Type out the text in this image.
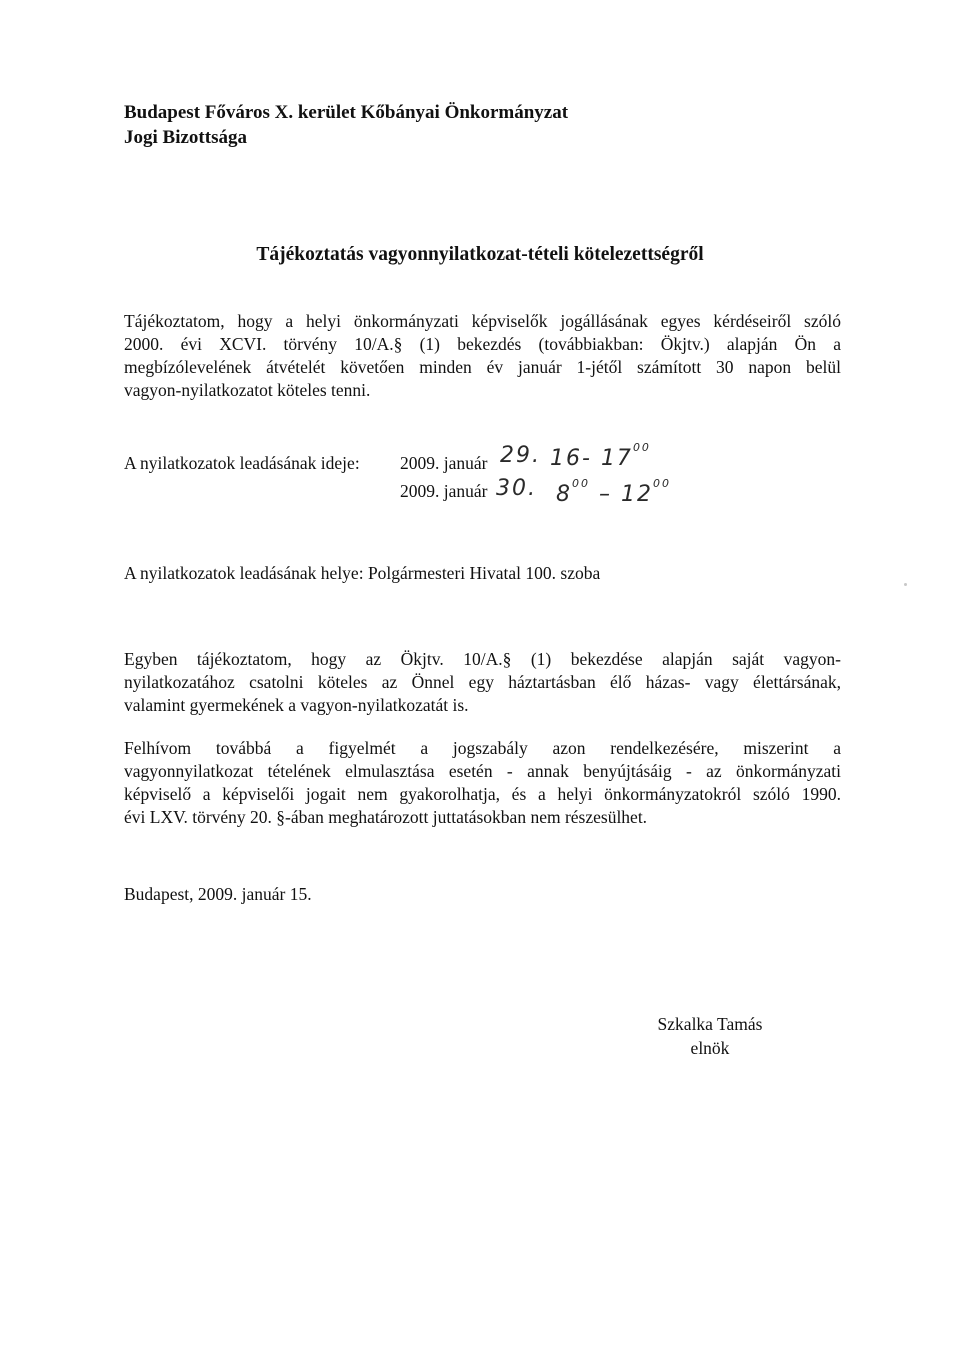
Budapest Főváros X. kerület Kőbányai Önkormányzat
Jogi Bizottsága
Tájékoztatás vagyonnyilatkozat-tételi kötelezettségről
Tájékoztatom, hogy a helyi önkormányzati képviselők jogállásának egyes kérdéseiről szóló
2000. évi XCVI. törvény 10/A.§ (1) bekezdés (továbbiakban: Ökjtv.) alapján Ön a
megbízólevelének átvételét követően minden év január 1-jétől számított 30 napon belül
vagyon-nyilatkozatot köteles tenni.
A nyilatkozatok leadásának ideje: 2009. január
2009. január
29. 16- $17^{00}$
30. $8^{00} - 12^{00}$
A nyilatkozatok leadásának helye: Polgármesteri Hivatal 100. szoba
Egyben tájékoztatom, hogy az Ökjtv. 10/A.§ (1) bekezdése alapján saját vagyon-
nyilatkozatához csatolni köteles az Önnel egy háztartásban élő házas- vagy élettársának,
valamint gyermekének a vagyon-nyilatkozatát is.
Felhívom továbbá a figyelmét a jogszabály azon rendelkezésére, miszerint a
vagyonnyilatkozat tételének elmulasztása esetén - annak benyújtásáig - az önkormányzati
képviselő a képviselői jogait nem gyakorolhatja, és a helyi önkormányzatokról szóló 1990.
évi LXV. törvény 20. §-ában meghatározott juttatásokban nem részesülhet.
Budapest, 2009. január 15.
Szkalka Tamás
elnök
